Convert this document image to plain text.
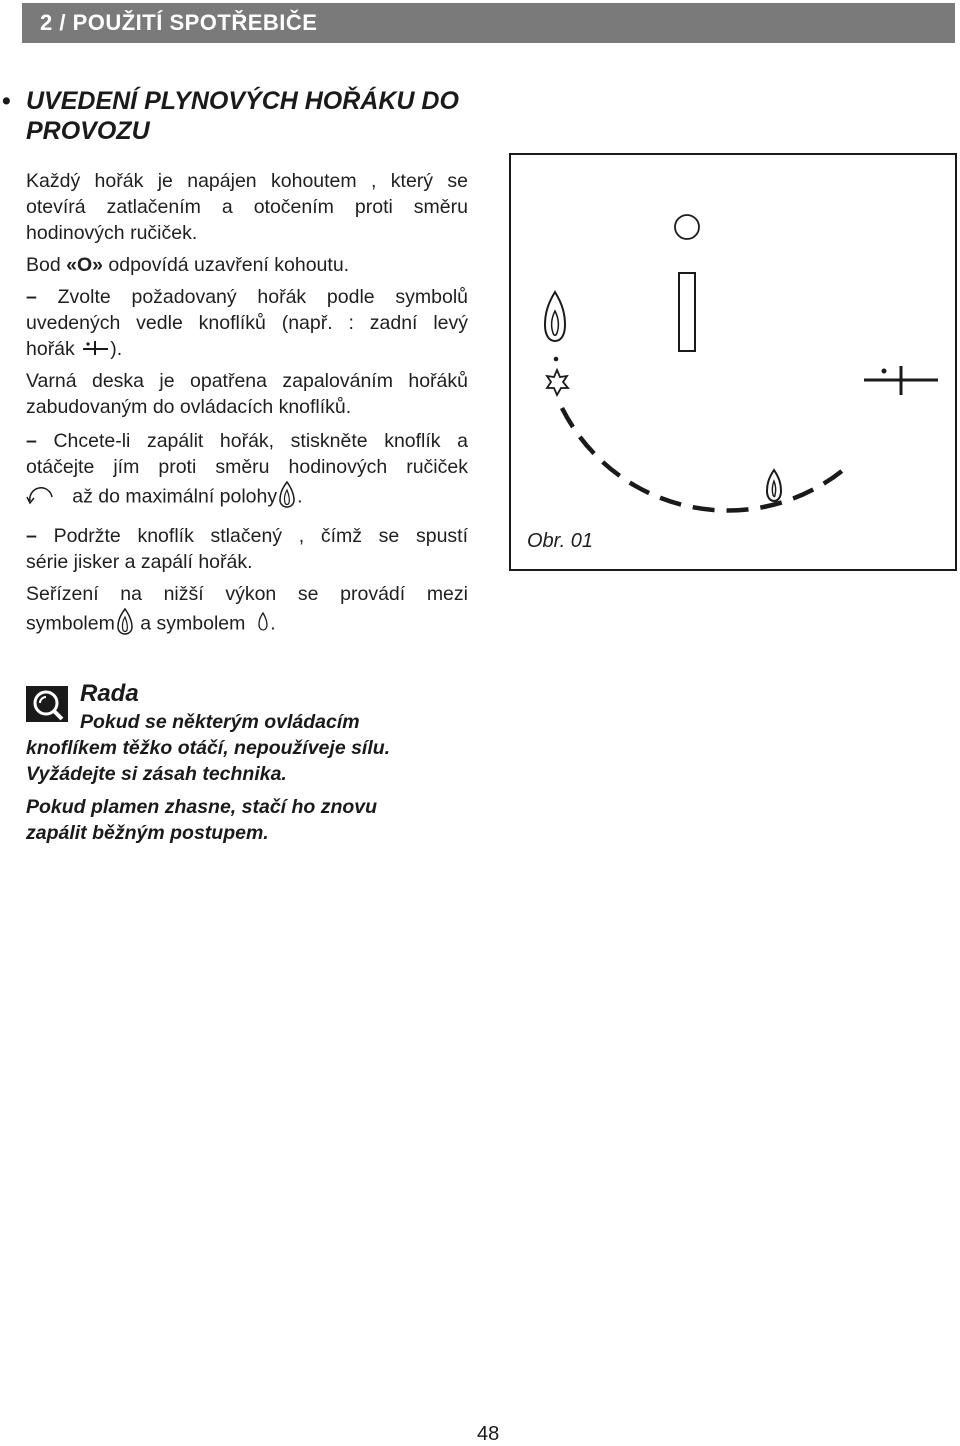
2 / POUŽITÍ SPOTŘEBIČE
• UVEDENÍ PLYNOVÝCH HOŘÁKU DO PROVOZU
Každý hořák je napájen kohoutem , který se
otevírá zatlačením a otočením proti směru
hodinových ručiček.
Bod «O» odpovídá uzavření kohoutu.
– Zvolte požadovaný hořák podle symbolů
uvedených vedle knoflíků (např. : zadní levý
hořák ).
Varná deska je opatřena zapalováním hořáků
zabudovaným do ovládacích knoflíků.
– Chcete-li zapálit hořák, stiskněte knoflík a
otáčejte jím proti směru hodinových ručiček
až do maximální polohy .
– Podržte knoflík stlačený , čímž se spustí
série jisker a zapálí hořák.
Seřízení na nižší výkon se provádí mezi
symbolem a symbolem .
Obr. 01
Rada
Pokud se některým ovládacím
knoflíkem těžko otáčí, nepoužíveje sílu.
Vyžádejte si zásah technika.
Pokud plamen zhasne, stačí ho znovu
zapálit běžným postupem.
48
